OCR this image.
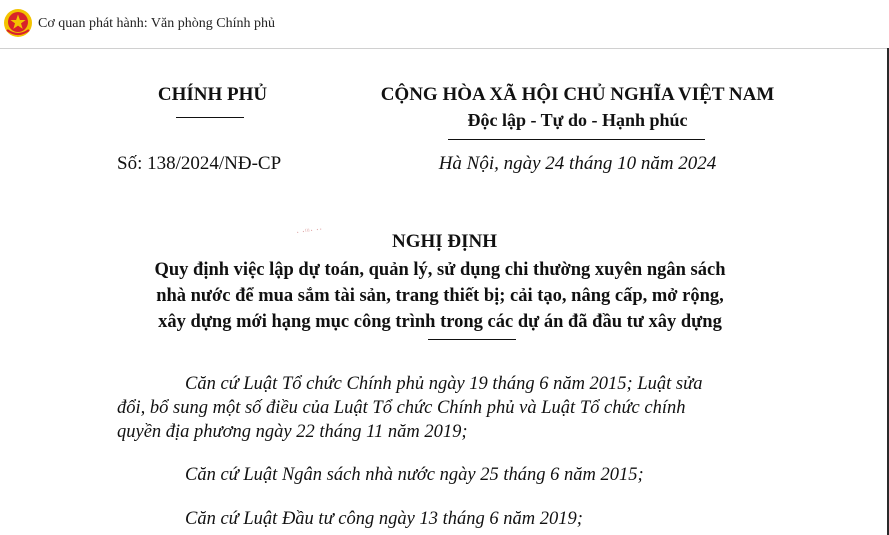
Cơ quan phát hành: Văn phòng Chính phủ
CHÍNH PHỦ	CỘNG HÒA XÃ HỘI CHỦ NGHĨA VIỆT NAM
Độc lập - Tự do - Hạnh phúc
Số: 138/2024/NĐ-CP	Hà Nội, ngày 24 tháng 10 năm 2024
· ·ᶦᵘ· ··	NGHỊ ĐỊNH
Quy định việc lập dự toán, quản lý, sử dụng chi thường xuyên ngân sách
nhà nước để mua sắm tài sản, trang thiết bị; cải tạo, nâng cấp, mở rộng,
xây dựng mới hạng mục công trình trong các dự án đã đầu tư xây dựng
Căn cứ Luật Tổ chức Chính phủ ngày 19 tháng 6 năm 2015; Luật sửa
đổi, bổ sung một số điều của Luật Tổ chức Chính phủ và Luật Tổ chức chính
quyền địa phương ngày 22 tháng 11 năm 2019;
Căn cứ Luật Ngân sách nhà nước ngày 25 tháng 6 năm 2015;
Căn cứ Luật Đầu tư công ngày 13 tháng 6 năm 2019;
